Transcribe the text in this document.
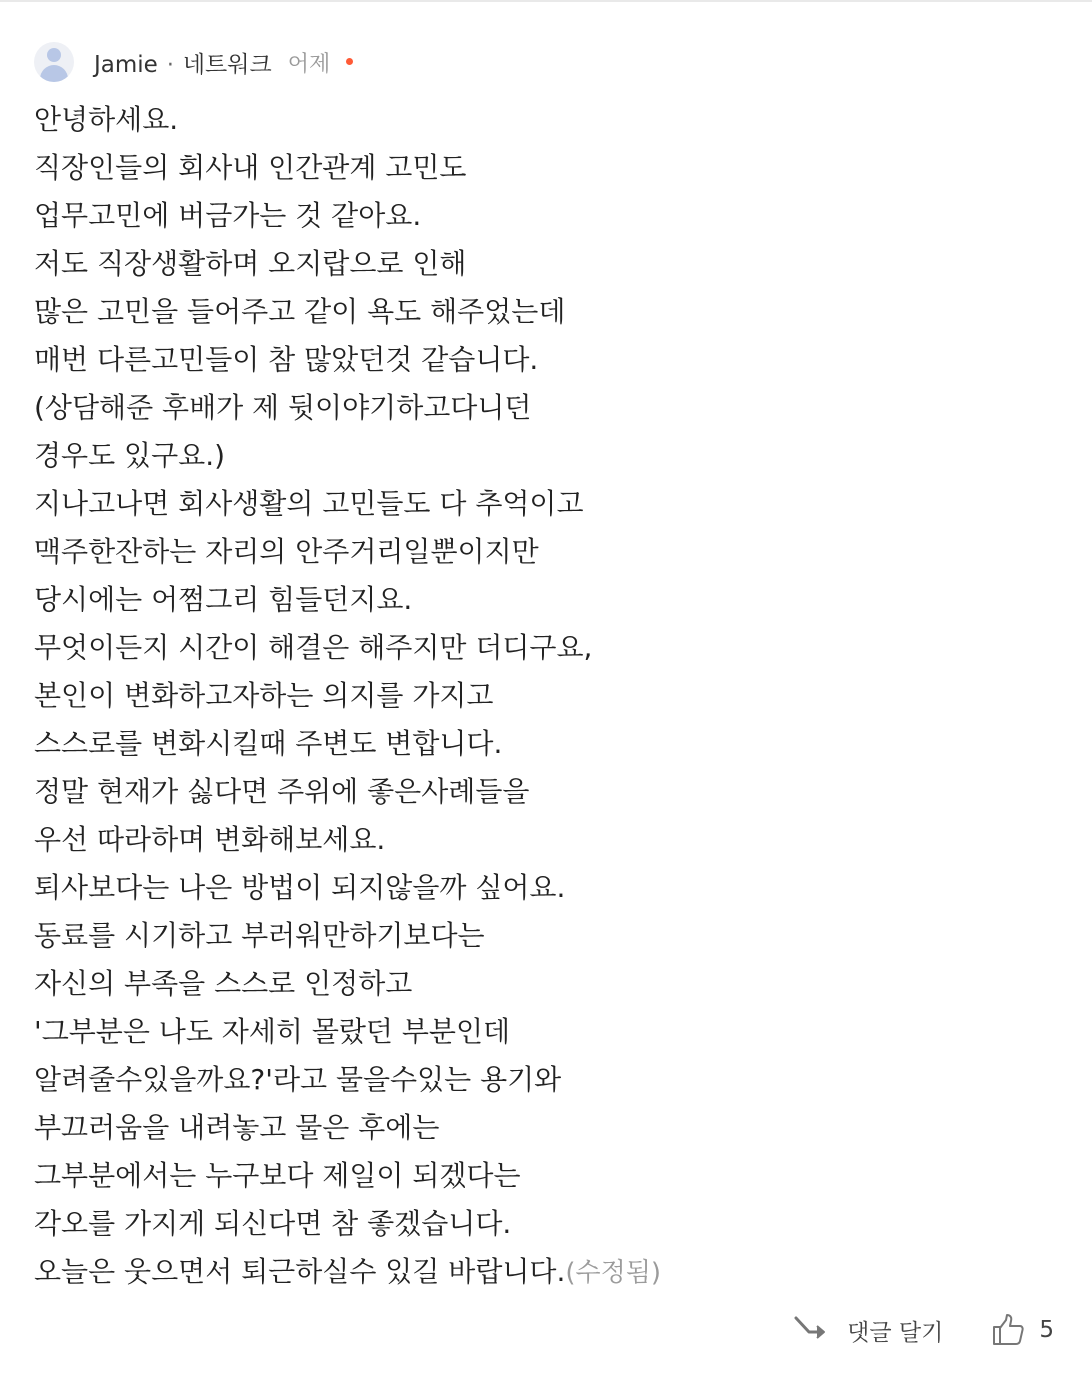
Jamie · 네트워크 어제
안녕하세요.
직장인들의 회사내 인간관계 고민도
업무고민에 버금가는 것 같아요.
저도 직장생활하며 오지랍으로 인해
많은 고민을 들어주고 같이 욕도 해주었는데
매번 다른고민들이 참 많았던것 같습니다.
(상담해준 후배가 제 뒷이야기하고다니던
경우도 있구요.)
지나고나면 회사생활의 고민들도 다 추억이고
맥주한잔하는 자리의 안주거리일뿐이지만
당시에는 어쩜그리 힘들던지요.
무엇이든지 시간이 해결은 해주지만 더디구요,
본인이 변화하고자하는 의지를 가지고
스스로를 변화시킬때 주변도 변합니다.
정말 현재가 싫다면 주위에 좋은사례들을
우선 따라하며 변화해보세요.
퇴사보다는 나은 방법이 되지않을까 싶어요.
동료를 시기하고 부러워만하기보다는
자신의 부족을 스스로 인정하고
'그부분은 나도 자세히 몰랐던 부분인데
알려줄수있을까요?'라고 물을수있는 용기와
부끄러움을 내려놓고 물은 후에는
그부분에서는 누구보다 제일이 되겠다는
각오를 가지게 되신다면 참 좋겠습니다.
오늘은 웃으면서 퇴근하실수 있길 바랍니다.(수정됨)
댓글 달기	5
